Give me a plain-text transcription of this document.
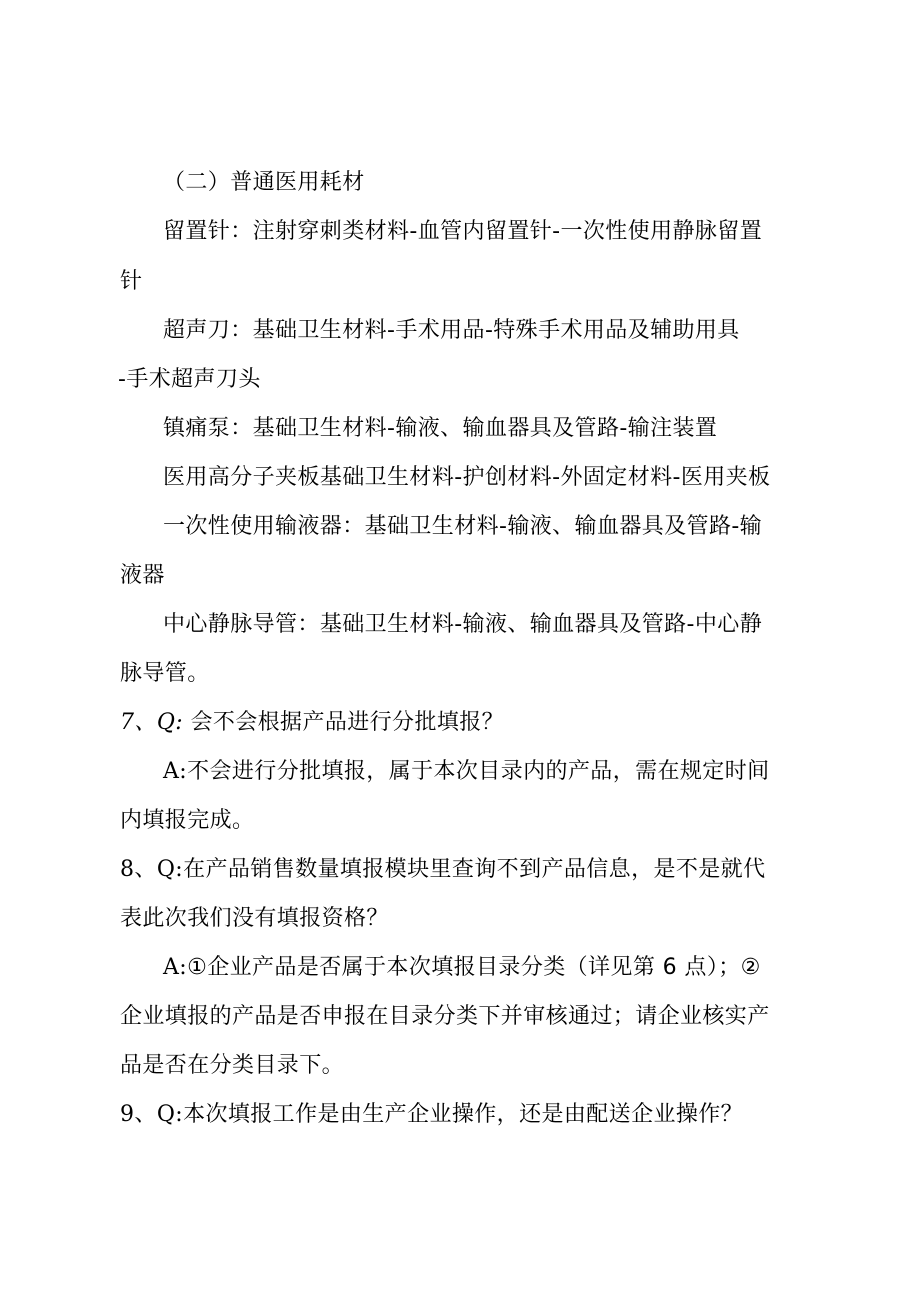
（二）普通医用耗材
留置针：注射穿刺类材料-血管内留置针-一次性使用静脉留置
针
超声刀：基础卫生材料-手术用品-特殊手术用品及辅助用具
-手术超声刀头
镇痛泵：基础卫生材料-输液、输血器具及管路-输注装置
医用高分子夹板基础卫生材料-护创材料-外固定材料-医用夹板
一次性使用输液器：基础卫生材料-输液、输血器具及管路-输
液器
中心静脉导管：基础卫生材料-输液、输血器具及管路-中心静
脉导管。
7、Q: 会不会根据产品进行分批填报？
A:不会进行分批填报，属于本次目录内的产品，需在规定时间
内填报完成。
8、Q:在产品销售数量填报模块里查询不到产品信息，是不是就代
表此次我们没有填报资格？
A:①企业产品是否属于本次填报目录分类（详见第 6 点）；②
企业填报的产品是否申报在目录分类下并审核通过；请企业核实产
品是否在分类目录下。
9、Q:本次填报工作是由生产企业操作，还是由配送企业操作？
